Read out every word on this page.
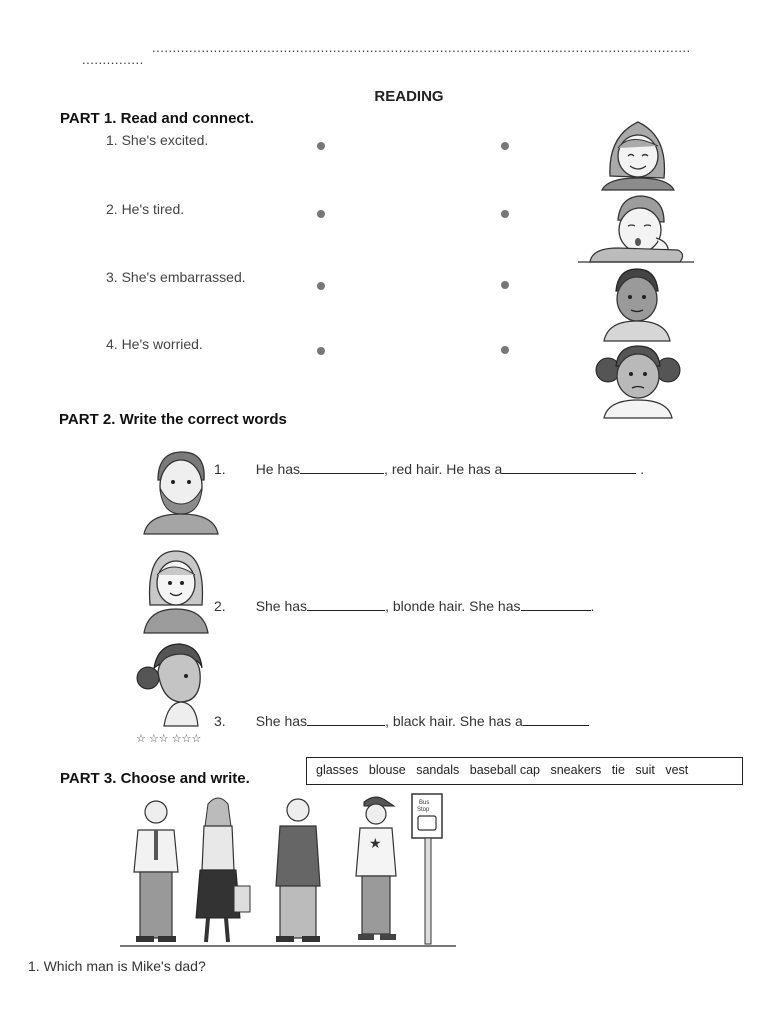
...................................................................................................................................
...............
READING
PART 1. Read and connect.
1. She's excited.
2. He's tired.
3. She's embarrassed.
4. He's worried.
PART 2. Write the correct words
☆ ☆☆ ☆☆☆
1. He has	, red hair. He has a	.
2. She has	, blonde hair. She has	.
3. She has	, black hair. She has a
PART 3. Choose and write.	glasses blouse sandals baseball cap sneakers tie suit vest
★
Bus
Stop
1. Which man is Mike's dad?
